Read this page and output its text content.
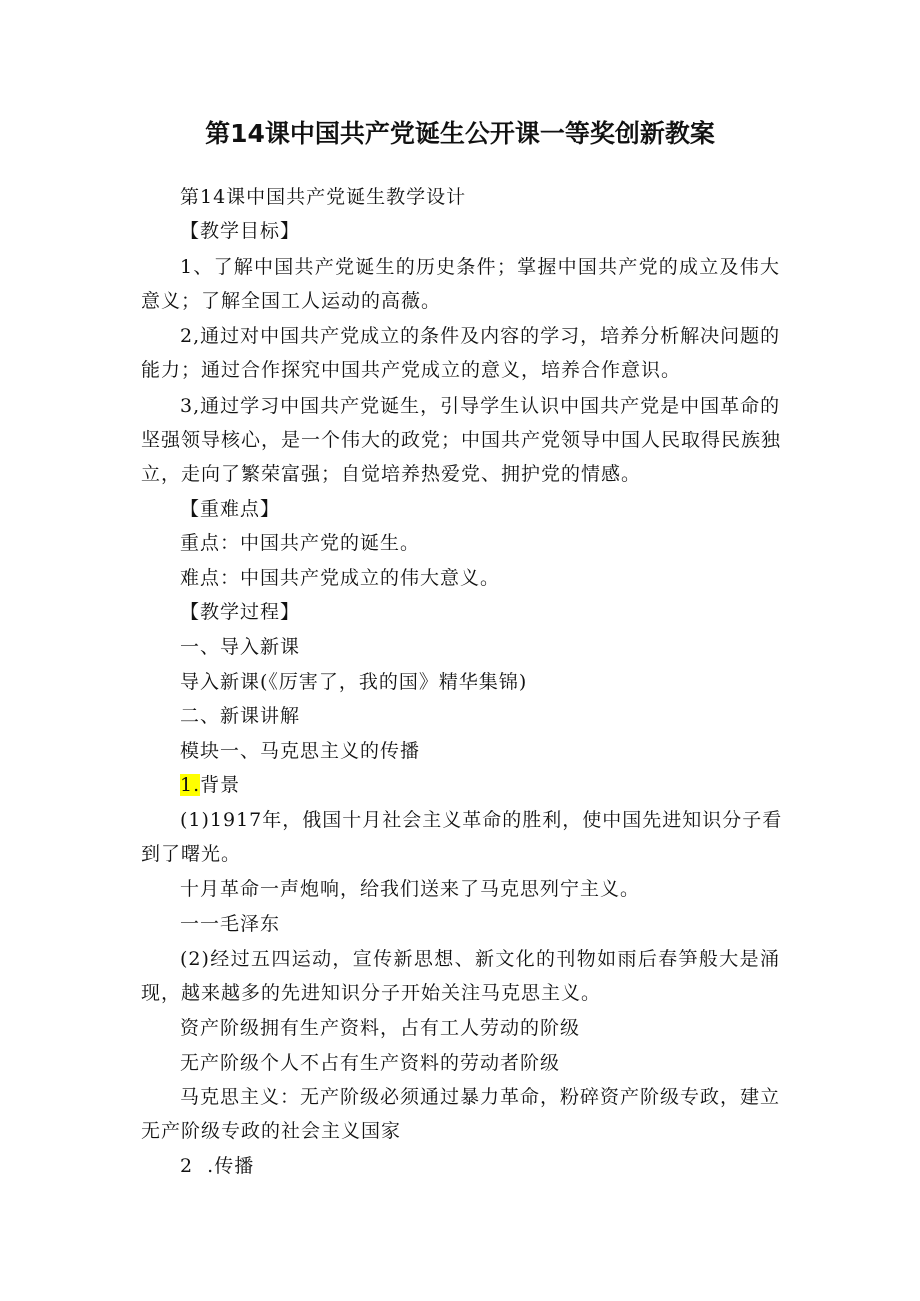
第14课中国共产党诞生公开课一等奖创新教案
第14课中国共产党诞生教学设计
【教学目标】
1、了解中国共产党诞生的历史条件；掌握中国共产党的成立及伟大
意义；了解全国工人运动的高薇。
2,通过对中国共产党成立的条件及内容的学习，培养分析解决问题的
能力；通过合作探究中国共产党成立的意义，培养合作意识。
3,通过学习中国共产党诞生，引导学生认识中国共产党是中国革命的
坚强领导核心，是一个伟大的政党；中国共产党领导中国人民取得民族独
立，走向了繁荣富强；自觉培养热爱党、拥护党的情感。
【重难点】
重点：中国共产党的诞生。
难点：中国共产党成立的伟大意义。
【教学过程】
一、导入新课
导入新课(《厉害了，我的国》精华集锦)
二、新课讲解
模块一、马克思主义的传播
1.背景
(1)1917年，俄国十月社会主义革命的胜利，使中国先进知识分子看
到了曙光。
十月革命一声炮响，给我们送来了马克思列宁主义。
一一毛泽东
(2)经过五四运动，宣传新思想、新文化的刊物如雨后春笋般大是涌
现，越来越多的先进知识分子开始关注马克思主义。
资产阶级拥有生产资料，占有工人劳动的阶级
无产阶级个人不占有生产资料的劳动者阶级
马克思主义：无产阶级必须通过暴力革命，粉碎资产阶级专政，建立
无产阶级专政的社会主义国家
2  .传播
